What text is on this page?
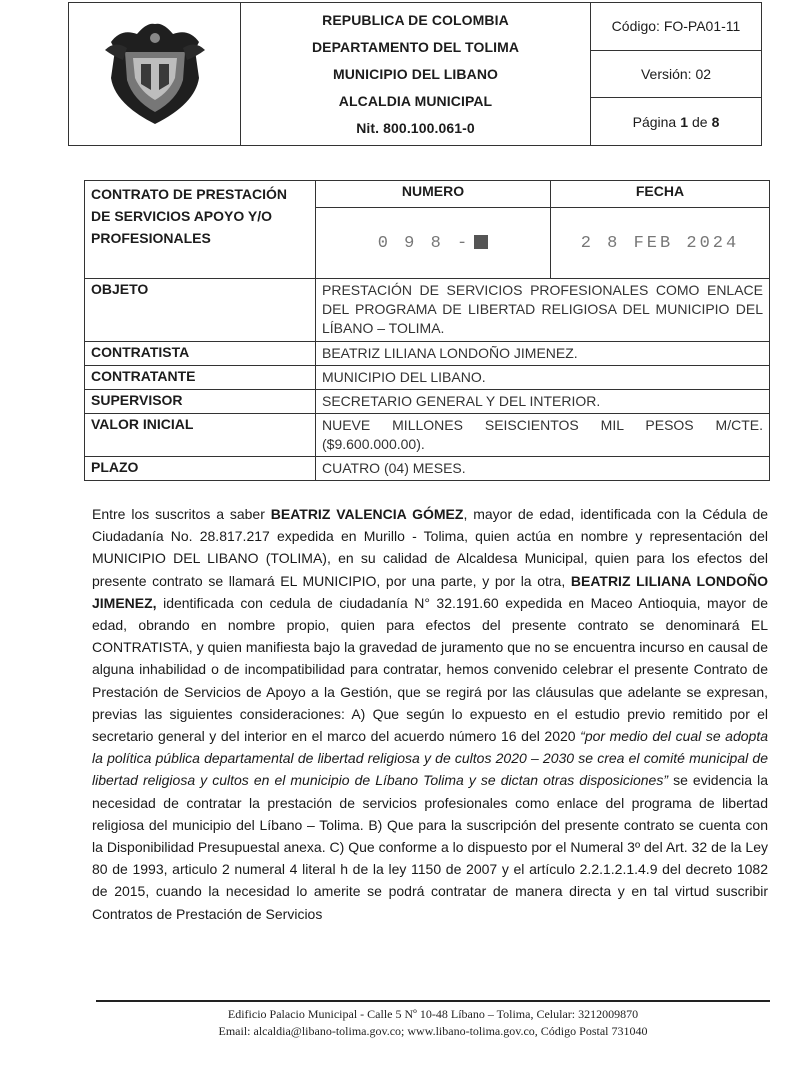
REPUBLICA DE COLOMBIA
DEPARTAMENTO DEL TOLIMA
MUNICIPIO DEL LIBANO
ALCALDIA MUNICIPAL
Nit. 800.100.061-0
Código: FO-PA01-11
Versión: 02
Página 1 de 8
CONTRATO DE PRESTACIÓN DE SERVICIOS APOYO Y/O PROFESIONALES	NUMERO	FECHA
	0 9 8 -	2 8 FEB 2024
OBJETO	PRESTACIÓN DE SERVICIOS PROFESIONALES COMO ENLACE DEL PROGRAMA DE LIBERTAD RELIGIOSA DEL MUNICIPIO DEL LÍBANO – TOLIMA.	
CONTRATISTA	BEATRIZ LILIANA LONDOÑO JIMENEZ.	
CONTRATANTE	MUNICIPIO DEL LIBANO.	
SUPERVISOR	SECRETARIO GENERAL Y DEL INTERIOR.	
VALOR INICIAL	NUEVE MILLONES SEISCIENTOS MIL PESOS M/CTE. ($9.600.000.00).	
PLAZO	CUATRO (04) MESES.	
Entre los suscritos a saber BEATRIZ VALENCIA GÓMEZ, mayor de edad, identificada con la Cédula de Ciudadanía No. 28.817.217 expedida en Murillo - Tolima, quien actúa en nombre y representación del MUNICIPIO DEL LIBANO (TOLIMA), en su calidad de Alcaldesa Municipal, quien para los efectos del presente contrato se llamará EL MUNICIPIO, por una parte, y por la otra, BEATRIZ LILIANA LONDOÑO JIMENEZ, identificada con cedula de ciudadanía N° 32.191.60 expedida en Maceo Antioquia, mayor de edad, obrando en nombre propio, quien para efectos del presente contrato se denominará EL CONTRATISTA, y quien manifiesta bajo la gravedad de juramento que no se encuentra incurso en causal de alguna inhabilidad o de incompatibilidad para contratar, hemos convenido celebrar el presente Contrato de Prestación de Servicios de Apoyo a la Gestión, que se regirá por las cláusulas que adelante se expresan, previas las siguientes consideraciones: A) Que según lo expuesto en el estudio previo remitido por el secretario general y del interior en el marco del acuerdo número 16 del 2020 “por medio del cual se adopta la política pública departamental de libertad religiosa y de cultos 2020 – 2030 se crea el comité municipal de libertad religiosa y cultos en el municipio de Líbano Tolima y se dictan otras disposiciones” se evidencia la necesidad de contratar la prestación de servicios profesionales como enlace del programa de libertad religiosa del municipio del Líbano – Tolima. B) Que para la suscripción del presente contrato se cuenta con la Disponibilidad Presupuestal anexa. C) Que conforme a lo dispuesto por el Numeral 3º del Art. 32 de la Ley 80 de 1993, articulo 2 numeral 4 literal h de la ley 1150 de 2007 y el artículo 2.2.1.2.1.4.9 del decreto 1082 de 2015, cuando la necesidad lo amerite se podrá contratar de manera directa y en tal virtud suscribir Contratos de Prestación de Servicios
Edificio Palacio Municipal - Calle 5 Nº 10-48 Líbano – Tolima, Celular: 3212009870
Email: alcaldia@libano-tolima.gov.co; www.libano-tolima.gov.co, Código Postal 731040
